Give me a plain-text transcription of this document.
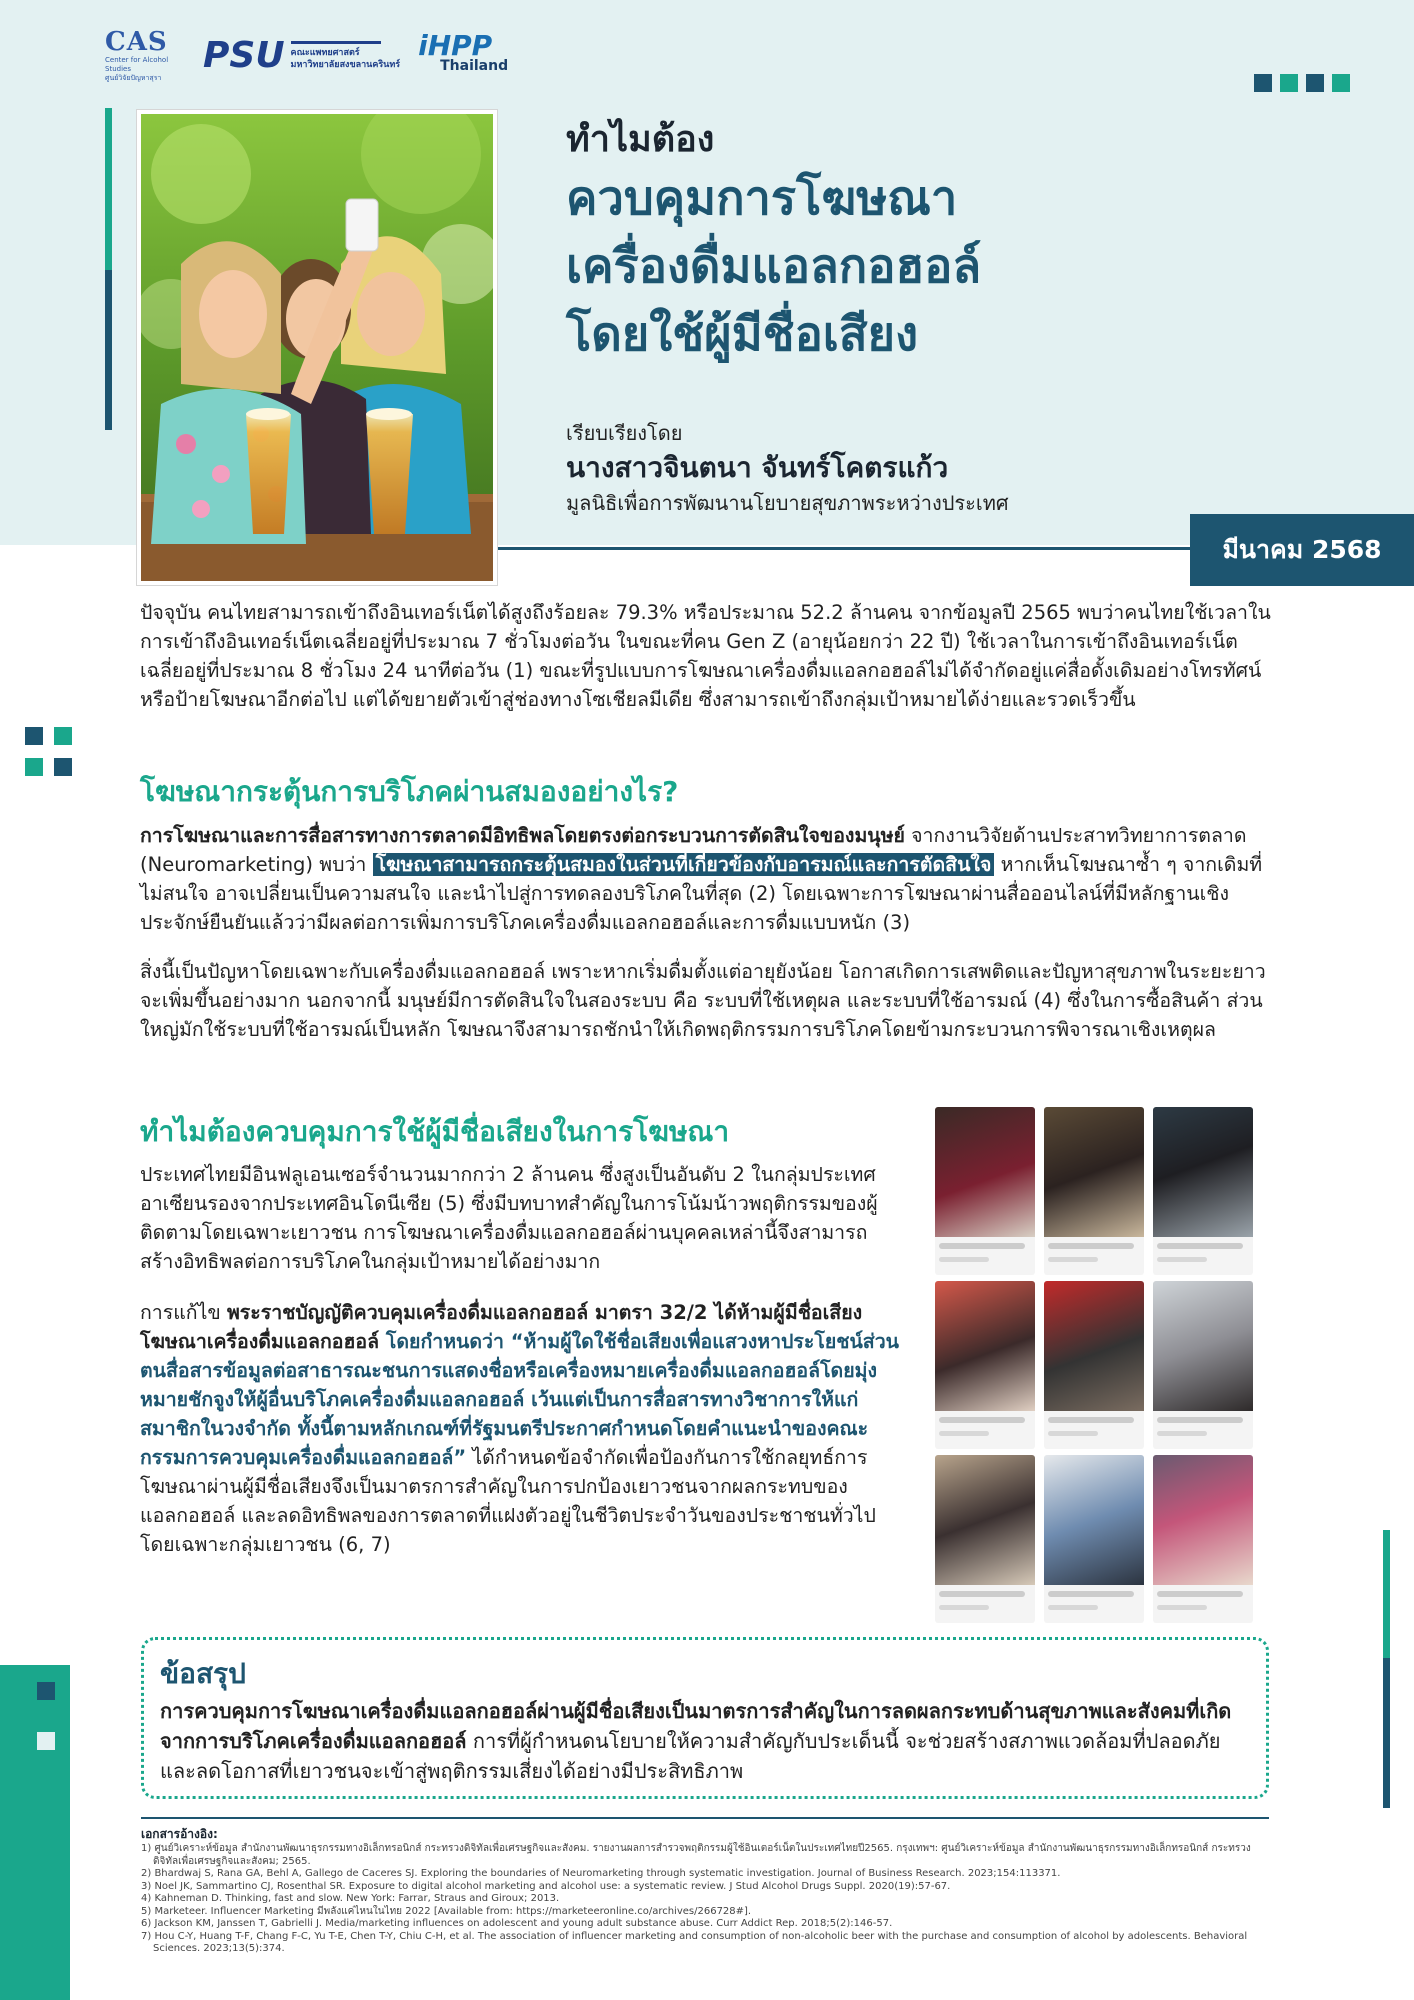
CAS
Center for Alcohol Studies
ศูนย์วิจัยปัญหาสุรา
PSU คณะแพทยศาสตร์
มหาวิทยาลัยสงขลานครินทร์
iHPP
Thailand
ทำไมต้อง
ควบคุมการโฆษณา
เครื่องดื่มแอลกอฮอล์
โดยใช้ผู้มีชื่อเสียง
เรียบเรียงโดย
นางสาวจินตนา จันทร์โคตรแก้ว
มูลนิธิเพื่อการพัฒนานโยบายสุขภาพระหว่างประเทศ
มีนาคม 2568

ปัจจุบัน คนไทยสามารถเข้าถึงอินเทอร์เน็ตได้สูงถึงร้อยละ 79.3% หรือประมาณ 52.2 ล้านคน จากข้อมูลปี 2565 พบว่าคนไทยใช้เวลาในการเข้าถึงอินเทอร์เน็ตเฉลี่ยอยู่ที่ประมาณ 7 ชั่วโมงต่อวัน ในขณะที่คน Gen Z (อายุน้อยกว่า 22 ปี) ใช้เวลาในการเข้าถึงอินเทอร์เน็ตเฉลี่ยอยู่ที่ประมาณ 8 ชั่วโมง 24 นาทีต่อวัน (1) ขณะที่รูปแบบการโฆษณาเครื่องดื่มแอลกอฮอล์ไม่ได้จำกัดอยู่แค่สื่อดั้งเดิมอย่างโทรทัศน์หรือป้ายโฆษณาอีกต่อไป แต่ได้ขยายตัวเข้าสู่ช่องทางโซเชียลมีเดีย ซึ่งสามารถเข้าถึงกลุ่มเป้าหมายได้ง่ายและรวดเร็วขึ้น

โฆษณากระตุ้นการบริโภคผ่านสมองอย่างไร?

การโฆษณาและการสื่อสารทางการตลาดมีอิทธิพลโดยตรงต่อกระบวนการตัดสินใจของมนุษย์ จากงานวิจัยด้านประสาทวิทยาการตลาด (Neuromarketing) พบว่า โฆษณาสามารถกระตุ้นสมองในส่วนที่เกี่ยวข้องกับอารมณ์และการตัดสินใจ หากเห็นโฆษณาซ้ำ ๆ จากเดิมที่ไม่สนใจ อาจเปลี่ยนเป็นความสนใจ และนำไปสู่การทดลองบริโภคในที่สุด (2) โดยเฉพาะการโฆษณาผ่านสื่อออนไลน์ที่มีหลักฐานเชิงประจักษ์ยืนยันแล้วว่ามีผลต่อการเพิ่มการบริโภคเครื่องดื่มแอลกอฮอล์และการดื่มแบบหนัก (3)

สิ่งนี้เป็นปัญหาโดยเฉพาะกับเครื่องดื่มแอลกอฮอล์ เพราะหากเริ่มดื่มตั้งแต่อายุยังน้อย โอกาสเกิดการเสพติดและปัญหาสุขภาพในระยะยาวจะเพิ่มขึ้นอย่างมาก นอกจากนี้ มนุษย์มีการตัดสินใจในสองระบบ คือ ระบบที่ใช้เหตุผล และระบบที่ใช้อารมณ์ (4) ซึ่งในการซื้อสินค้า ส่วนใหญ่มักใช้ระบบที่ใช้อารมณ์เป็นหลัก โฆษณาจึงสามารถชักนำให้เกิดพฤติกรรมการบริโภคโดยข้ามกระบวนการพิจารณาเชิงเหตุผล

ทำไมต้องควบคุมการใช้ผู้มีชื่อเสียงในการโฆษณา

ประเทศไทยมีอินฟลูเอนเซอร์จำนวนมากกว่า 2 ล้านคน ซึ่งสูงเป็นอันดับ 2 ในกลุ่มประเทศอาเซียนรองจากประเทศอินโดนีเซีย (5) ซึ่งมีบทบาทสำคัญในการโน้มน้าวพฤติกรรมของผู้ติดตามโดยเฉพาะเยาวชน การโฆษณาเครื่องดื่มแอลกอฮอล์ผ่านบุคคลเหล่านี้จึงสามารถสร้างอิทธิพลต่อการบริโภคในกลุ่มเป้าหมายได้อย่างมาก

การแก้ไข พระราชบัญญัติควบคุมเครื่องดื่มแอลกอฮอล์ มาตรา 32/2 ได้ห้ามผู้มีชื่อเสียงโฆษณาเครื่องดื่มแอลกอฮอล์ โดยกำหนดว่า “ห้ามผู้ใดใช้ชื่อเสียงเพื่อแสวงหาประโยชน์ส่วนตนสื่อสารข้อมูลต่อสาธารณะชนการแสดงชื่อหรือเครื่องหมายเครื่องดื่มแอลกอฮอล์โดยมุ่งหมายชักจูงให้ผู้อื่นบริโภคเครื่องดื่มแอลกอฮอล์ เว้นแต่เป็นการสื่อสารทางวิชาการให้แก่สมาชิกในวงจำกัด ทั้งนี้ตามหลักเกณฑ์ที่รัฐมนตรีประกาศกำหนดโดยคำแนะนำของคณะกรรมการควบคุมเครื่องดื่มแอลกอฮอล์” ได้กำหนดข้อจำกัดเพื่อป้องกันการใช้กลยุทธ์การโฆษณาผ่านผู้มีชื่อเสียงจึงเป็นมาตรการสำคัญในการปกป้องเยาวชนจากผลกระทบของแอลกอฮอล์ และลดอิทธิพลของการตลาดที่แฝงตัวอยู่ในชีวิตประจำวันของประชาชนทั่วไปโดยเฉพาะกลุ่มเยาวชน (6, 7)

ข้อสรุป

การควบคุมการโฆษณาเครื่องดื่มแอลกอฮอล์ผ่านผู้มีชื่อเสียงเป็นมาตรการสำคัญในการลดผลกระทบด้านสุขภาพและสังคมที่เกิดจากการบริโภคเครื่องดื่มแอลกอฮอล์ การที่ผู้กำหนดนโยบายให้ความสำคัญกับประเด็นนี้ จะช่วยสร้างสภาพแวดล้อมที่ปลอดภัยและลดโอกาสที่เยาวชนจะเข้าสู่พฤติกรรมเสี่ยงได้อย่างมีประสิทธิภาพ

เอกสารอ้างอิง:
1) ศูนย์วิเคราะห์ข้อมูล สำนักงานพัฒนาธุรกรรมทางอิเล็กทรอนิกส์ กระทรวงดิจิทัลเพื่อเศรษฐกิจและสังคม. รายงานผลการสำรวจพฤติกรรมผู้ใช้อินเตอร์เน็ตในประเทศไทยปี2565. กรุงเทพฯ: ศูนย์วิเคราะห์ข้อมูล สำนักงานพัฒนาธุรกรรมทางอิเล็กทรอนิกส์ กระทรวงดิจิทัลเพื่อเศรษฐกิจและสังคม; 2565.
2) Bhardwaj S, Rana GA, Behl A, Gallego de Caceres SJ. Exploring the boundaries of Neuromarketing through systematic investigation. Journal of Business Research. 2023;154:113371.
3) Noel JK, Sammartino CJ, Rosenthal SR. Exposure to digital alcohol marketing and alcohol use: a systematic review. J Stud Alcohol Drugs Suppl. 2020(19):57-67.
4) Kahneman D. Thinking, fast and slow. New York: Farrar, Straus and Giroux; 2013.
5) Marketeer. Influencer Marketing มีพลังแค่ไหนในไทย 2022 [Available from: https://marketeeronline.co/archives/266728#].
6) Jackson KM, Janssen T, Gabrielli J. Media/marketing influences on adolescent and young adult substance abuse. Curr Addict Rep. 2018;5(2):146-57.
7) Hou C-Y, Huang T-F, Chang F-C, Yu T-E, Chen T-Y, Chiu C-H, et al. The association of influencer marketing and consumption of non-alcoholic beer with the purchase and consumption of alcohol by adolescents. Behavioral Sciences. 2023;13(5):374.
